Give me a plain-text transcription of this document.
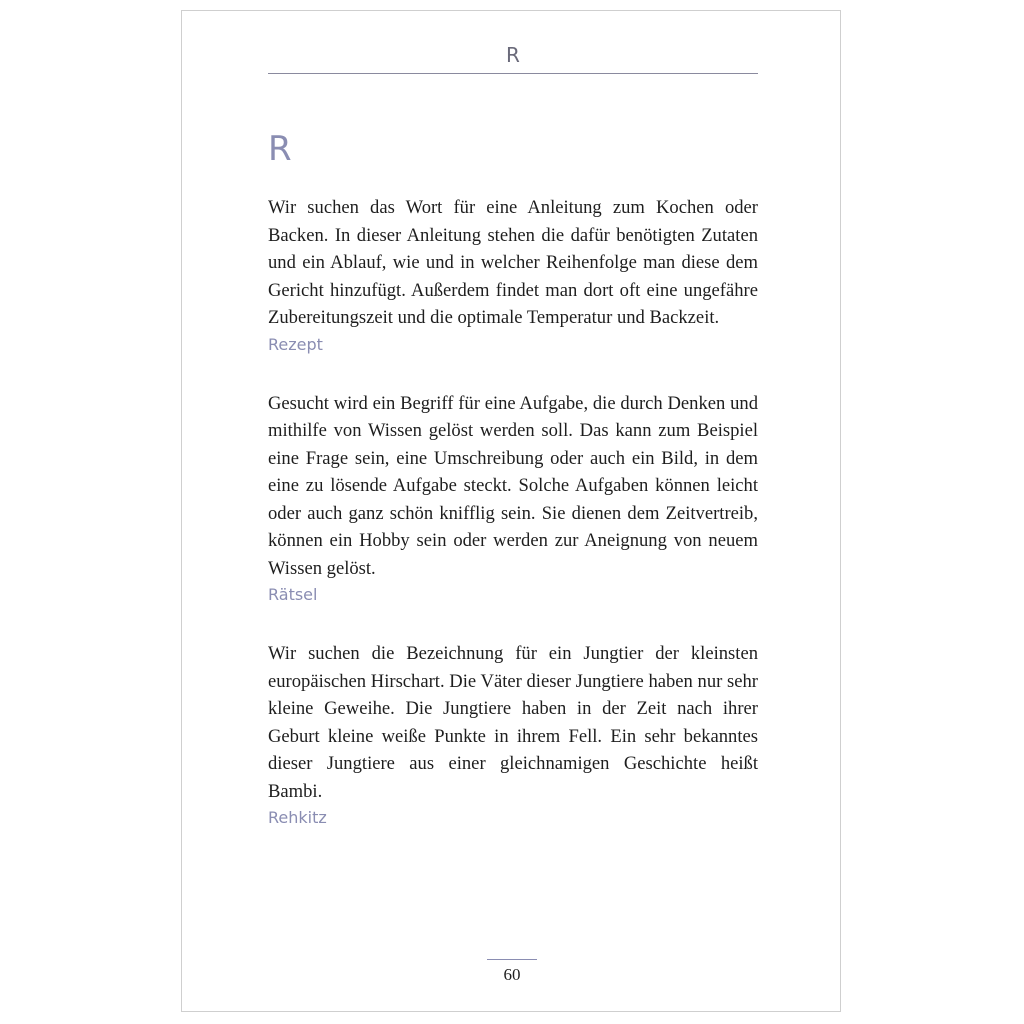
R
R

Wir suchen das Wort für eine Anleitung zum Kochen oder Backen. In dieser Anleitung stehen die dafür benötigten Zutaten und ein Ablauf, wie und in welcher Reihenfolge man diese dem Gericht hinzufügt. Außerdem findet man dort oft eine ungefähre Zubereitungszeit und die optimale Temperatur und Backzeit.

Rezept

Gesucht wird ein Begriff für eine Aufgabe, die durch Denken und mithilfe von Wissen gelöst werden soll. Das kann zum Beispiel eine Frage sein, eine Umschreibung oder auch ein Bild, in dem eine zu lösende Aufgabe steckt. Solche Aufgaben können leicht oder auch ganz schön knifflig sein. Sie dienen dem Zeitvertreib, können ein Hobby sein oder werden zur Aneignung von neuem Wissen gelöst.

Rätsel

Wir suchen die Bezeichnung für ein Jungtier der kleinsten europäischen Hirschart. Die Väter dieser Jungtiere haben nur sehr kleine Geweihe. Die Jungtiere haben in der Zeit nach ihrer Geburt kleine weiße Punkte in ihrem Fell. Ein sehr bekanntes dieser Jungtiere aus einer gleichnamigen Geschichte heißt Bambi.

Rehkitz

60
